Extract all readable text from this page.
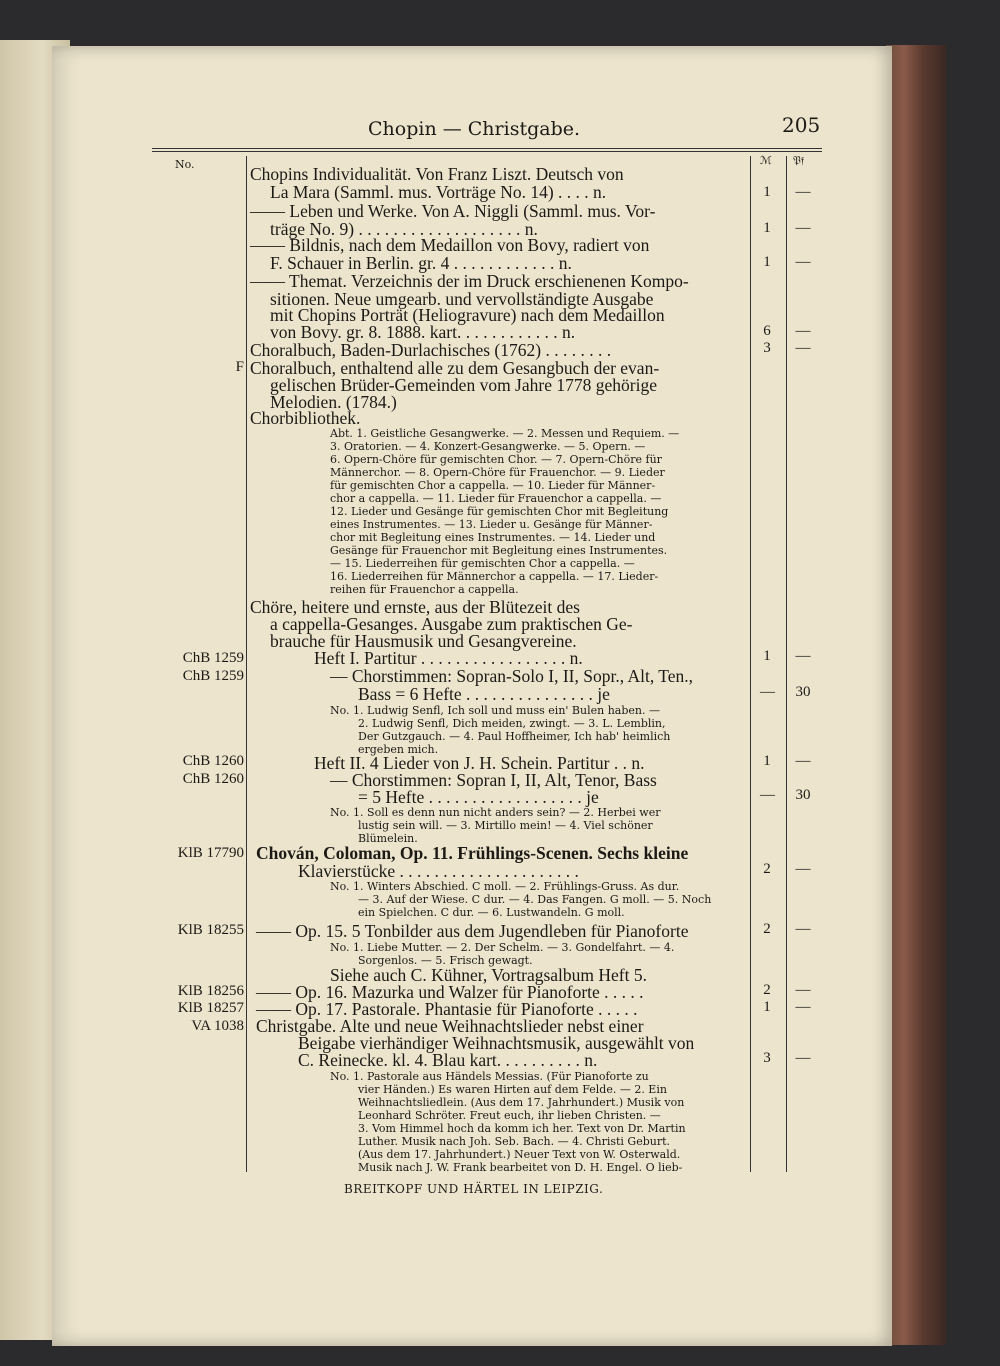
Chopin — Christgabe.	205
No.	ℳ 𝔓𝔣
F
ChB 1259
ChB 1259
ChB 1260
ChB 1260
KlB 17790
KlB 18255
KlB 18256
KlB 18257
VA 1038
Chopins Individualität. Von Franz Liszt. Deutsch von
La Mara (Samml. mus. Vorträge No. 14) . . . . n.
—— Leben und Werke. Von A. Niggli (Samml. mus. Vor-
träge No. 9) . . . . . . . . . . . . . . . . . . . n.
—— Bildnis, nach dem Medaillon von Bovy, radiert von
F. Schauer in Berlin. gr. 4 . . . . . . . . . . . . n.
—— Themat. Verzeichnis der im Druck erschienenen Kompo-
sitionen. Neue umgearb. und vervollständigte Ausgabe
mit Chopins Porträt (Heliogravure) nach dem Medaillon
von Bovy. gr. 8. 1888. kart. . . . . . . . . . . . n.
Choralbuch, Baden-Durlachisches (1762) . . . . . . . .
Choralbuch, enthaltend alle zu dem Gesangbuch der evan-
gelischen Brüder-Gemeinden vom Jahre 1778 gehörige
Melodien. (1784.)
Chorbibliothek.
Abt. 1. Geistliche Gesangwerke. — 2. Messen und Requiem. —
3. Oratorien. — 4. Konzert-Gesangwerke. — 5. Opern. —
6. Opern-Chöre für gemischten Chor. — 7. Opern-Chöre für
Männerchor. — 8. Opern-Chöre für Frauenchor. — 9. Lieder
für gemischten Chor a cappella. — 10. Lieder für Männer-
chor a cappella. — 11. Lieder für Frauenchor a cappella. —
12. Lieder und Gesänge für gemischten Chor mit Begleitung
eines Instrumentes. — 13. Lieder u. Gesänge für Männer-
chor mit Begleitung eines Instrumentes. — 14. Lieder und
Gesänge für Frauenchor mit Begleitung eines Instrumentes.
— 15. Liederreihen für gemischten Chor a cappella. —
16. Liederreihen für Männerchor a cappella. — 17. Lieder-
reihen für Frauenchor a cappella.
Chöre, heitere und ernste, aus der Blütezeit des
a cappella-Gesanges. Ausgabe zum praktischen Ge-
brauche für Hausmusik und Gesangvereine.
Heft I. Partitur . . . . . . . . . . . . . . . . . n.
— Chorstimmen: Sopran-Solo I, II, Sopr., Alt, Ten.,
Bass = 6 Hefte . . . . . . . . . . . . . . . je
No. 1. Ludwig Senfl, Ich soll und muss ein' Bulen haben. —
2. Ludwig Senfl, Dich meiden, zwingt. — 3. L. Lemblin,
Der Gutzgauch. — 4. Paul Hoffheimer, Ich hab' heimlich
ergeben mich.
Heft II. 4 Lieder von J. H. Schein. Partitur . . n.
— Chorstimmen: Sopran I, II, Alt, Tenor, Bass
= 5 Hefte . . . . . . . . . . . . . . . . . . je
No. 1. Soll es denn nun nicht anders sein? — 2. Herbei wer
lustig sein will. — 3. Mirtillo mein! — 4. Viel schöner
Blümelein.
Chován, Coloman, Op. 11. Frühlings-Scenen. Sechs kleine
Klavierstücke . . . . . . . . . . . . . . . . . . . . .
No. 1. Winters Abschied. C moll. — 2. Frühlings-Gruss. As dur.
— 3. Auf der Wiese. C dur. — 4. Das Fangen. G moll. — 5. Noch
ein Spielchen. C dur. — 6. Lustwandeln. G moll.
—— Op. 15. 5 Tonbilder aus dem Jugendleben für Pianoforte
No. 1. Liebe Mutter. — 2. Der Schelm. — 3. Gondelfahrt. — 4.
Sorgenlos. — 5. Frisch gewagt.
Siehe auch C. Kühner, Vortragsalbum Heft 5.
—— Op. 16. Mazurka und Walzer für Pianoforte . . . . .
—— Op. 17. Pastorale. Phantasie für Pianoforte . . . . .
Christgabe. Alte und neue Weihnachtslieder nebst einer
Beigabe vierhändiger Weihnachtsmusik, ausgewählt von
C. Reinecke. kl. 4. Blau kart. . . . . . . . . . n.
No. 1. Pastorale aus Händels Messias. (Für Pianoforte zu
vier Händen.) Es waren Hirten auf dem Felde. — 2. Ein
Weihnachtsliedlein. (Aus dem 17. Jahrhundert.) Musik von
Leonhard Schröter. Freut euch, ihr lieben Christen. —
3. Vom Himmel hoch da komm ich her. Text von Dr. Martin
Luther. Musik nach Joh. Seb. Bach. — 4. Christi Geburt.
(Aus dem 17. Jahrhundert.) Neuer Text von W. Osterwald.
Musik nach J. W. Frank bearbeitet von D. H. Engel. O lieb-
1 —
1 —
1 —
6 —
3 —
1 —
— 30
1 —
— 30
2 —
2 —
2 —
1 —
3 —
BREITKOPF UND HÄRTEL IN LEIPZIG.
